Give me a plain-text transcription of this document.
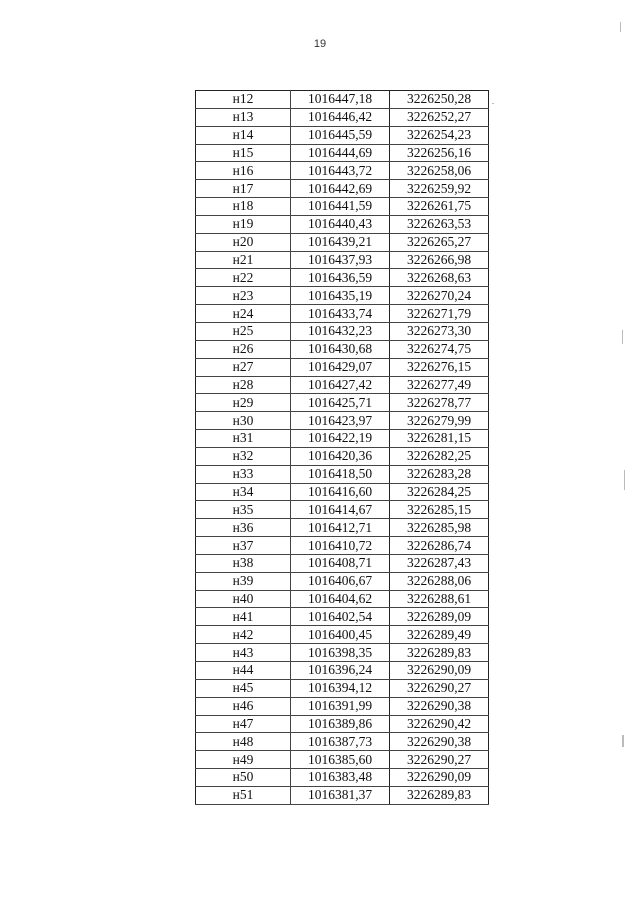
19
н12	1016447,18	3226250,28
н13	1016446,42	3226252,27
н14	1016445,59	3226254,23
н15	1016444,69	3226256,16
н16	1016443,72	3226258,06
н17	1016442,69	3226259,92
н18	1016441,59	3226261,75
н19	1016440,43	3226263,53
н20	1016439,21	3226265,27
н21	1016437,93	3226266,98
н22	1016436,59	3226268,63
н23	1016435,19	3226270,24
н24	1016433,74	3226271,79
н25	1016432,23	3226273,30
н26	1016430,68	3226274,75
н27	1016429,07	3226276,15
н28	1016427,42	3226277,49
н29	1016425,71	3226278,77
н30	1016423,97	3226279,99
н31	1016422,19	3226281,15
н32	1016420,36	3226282,25
н33	1016418,50	3226283,28
н34	1016416,60	3226284,25
н35	1016414,67	3226285,15
н36	1016412,71	3226285,98
н37	1016410,72	3226286,74
н38	1016408,71	3226287,43
н39	1016406,67	3226288,06
н40	1016404,62	3226288,61
н41	1016402,54	3226289,09
н42	1016400,45	3226289,49
н43	1016398,35	3226289,83
н44	1016396,24	3226290,09
н45	1016394,12	3226290,27
н46	1016391,99	3226290,38
н47	1016389,86	3226290,42
н48	1016387,73	3226290,38
н49	1016385,60	3226290,27
н50	1016383,48	3226290,09
н51	1016381,37	3226289,83
